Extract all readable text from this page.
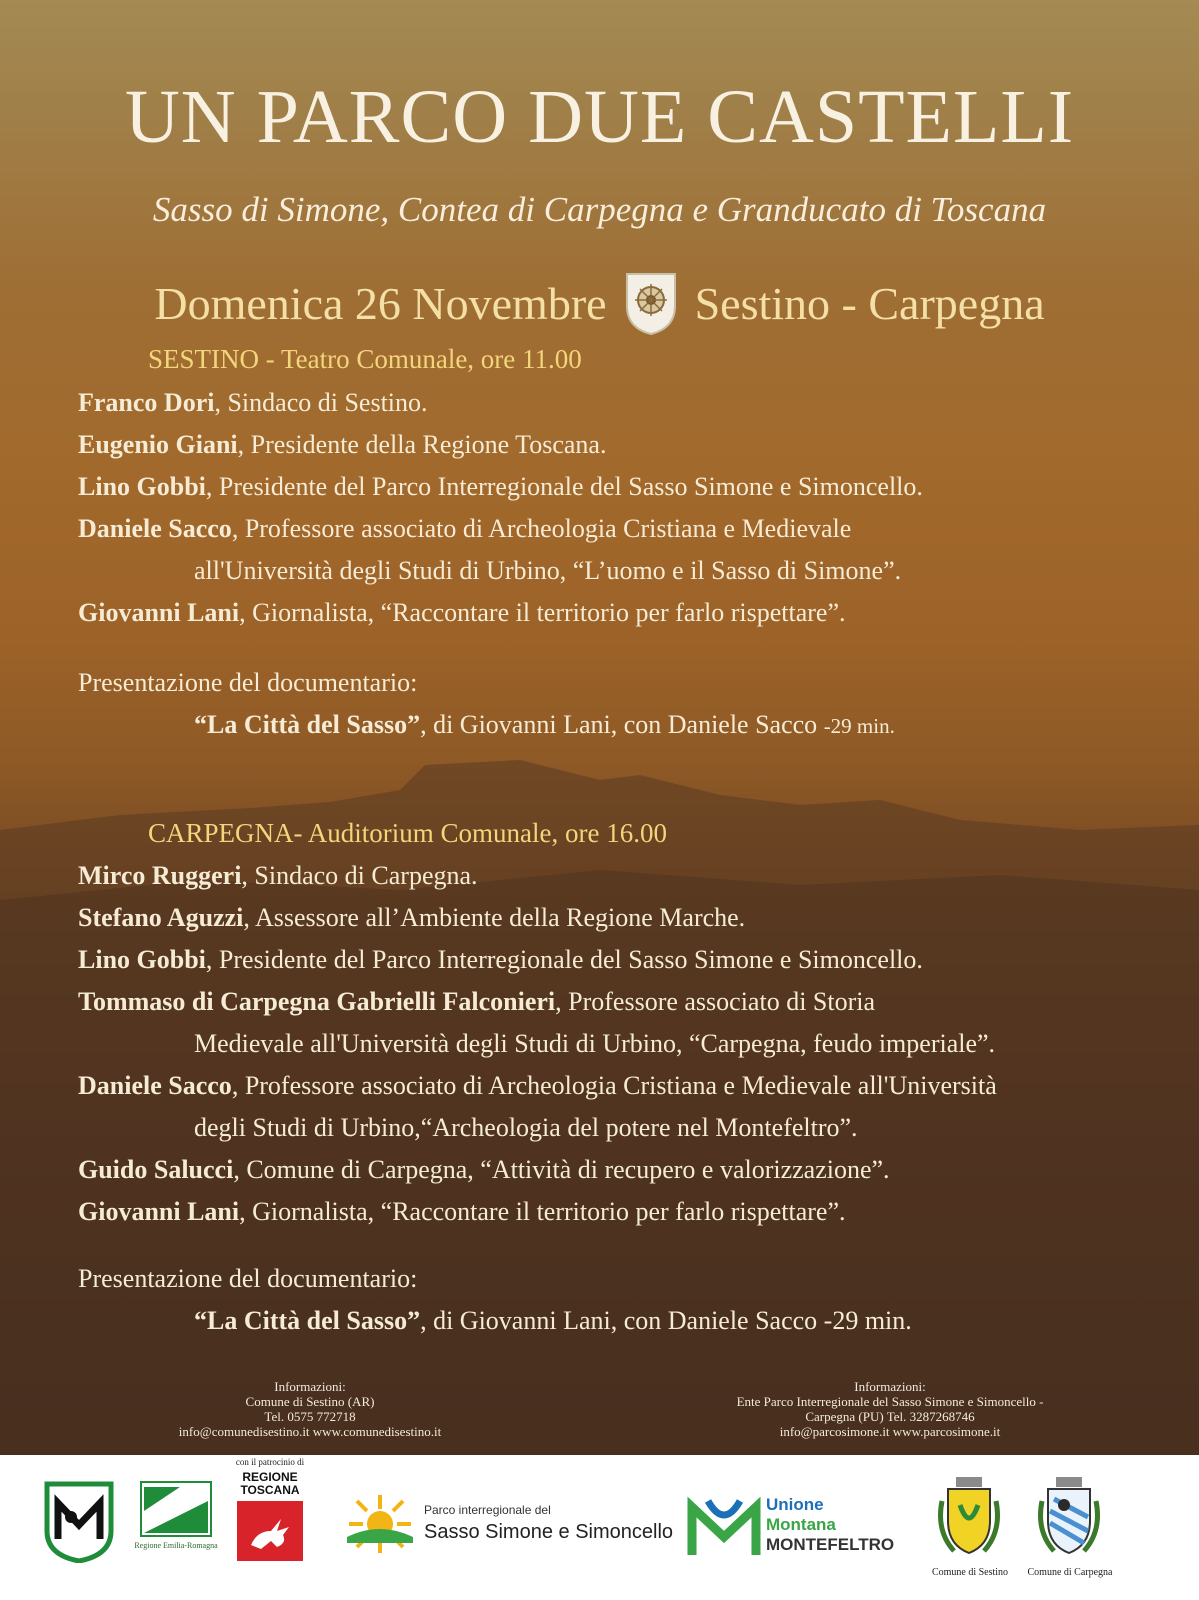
UN PARCO DUE CASTELLI
Sasso di Simone, Contea di Carpegna e Granducato di Toscana
Domenica 26 Novembre Sestino - Carpegna
SESTINO - Teatro Comunale, ore 11.00
Franco Dori, Sindaco di Sestino.
Eugenio Giani, Presidente della Regione Toscana.
Lino Gobbi, Presidente del Parco Interregionale del Sasso Simone e Simoncello.
Daniele Sacco, Professore associato di Archeologia Cristiana e Medievale
all'Università degli Studi di Urbino, “L’uomo e il Sasso di Simone”.
Giovanni Lani, Giornalista, “Raccontare il territorio per farlo rispettare”.
Presentazione del documentario:
“La Città del Sasso”, di Giovanni Lani, con Daniele Sacco -29 min.
CARPEGNA- Auditorium Comunale, ore 16.00
Mirco Ruggeri, Sindaco di Carpegna.
Stefano Aguzzi, Assessore all’Ambiente della Regione Marche.
Lino Gobbi, Presidente del Parco Interregionale del Sasso Simone e Simoncello.
Tommaso di Carpegna Gabrielli Falconieri, Professore associato di Storia
Medievale all'Università degli Studi di Urbino, “Carpegna, feudo imperiale”.
Daniele Sacco, Professore associato di Archeologia Cristiana e Medievale all'Università
degli Studi di Urbino,“Archeologia del potere nel Montefeltro”.
Guido Salucci, Comune di Carpegna, “Attività di recupero e valorizzazione”.
Giovanni Lani, Giornalista, “Raccontare il territorio per farlo rispettare”.
Presentazione del documentario:
“La Città del Sasso”, di Giovanni Lani, con Daniele Sacco -29 min.
Informazioni:
Comune di Sestino (AR)
Tel. 0575 772718
info@comunedisestino.it www.comunedisestino.it
Informazioni:
Ente Parco Interregionale del Sasso Simone e Simoncello -
Carpegna (PU) Tel. 3287268746
info@parcosimone.it www.parcosimone.it
Regione Emilia-Romagna
con il patrocinio di
REGIONE
TOSCANA
Parco interregionale del
Sasso Simone e Simoncello
Unione
Montana
MONTEFELTRO
Comune di Sestino	Comune di Carpegna
